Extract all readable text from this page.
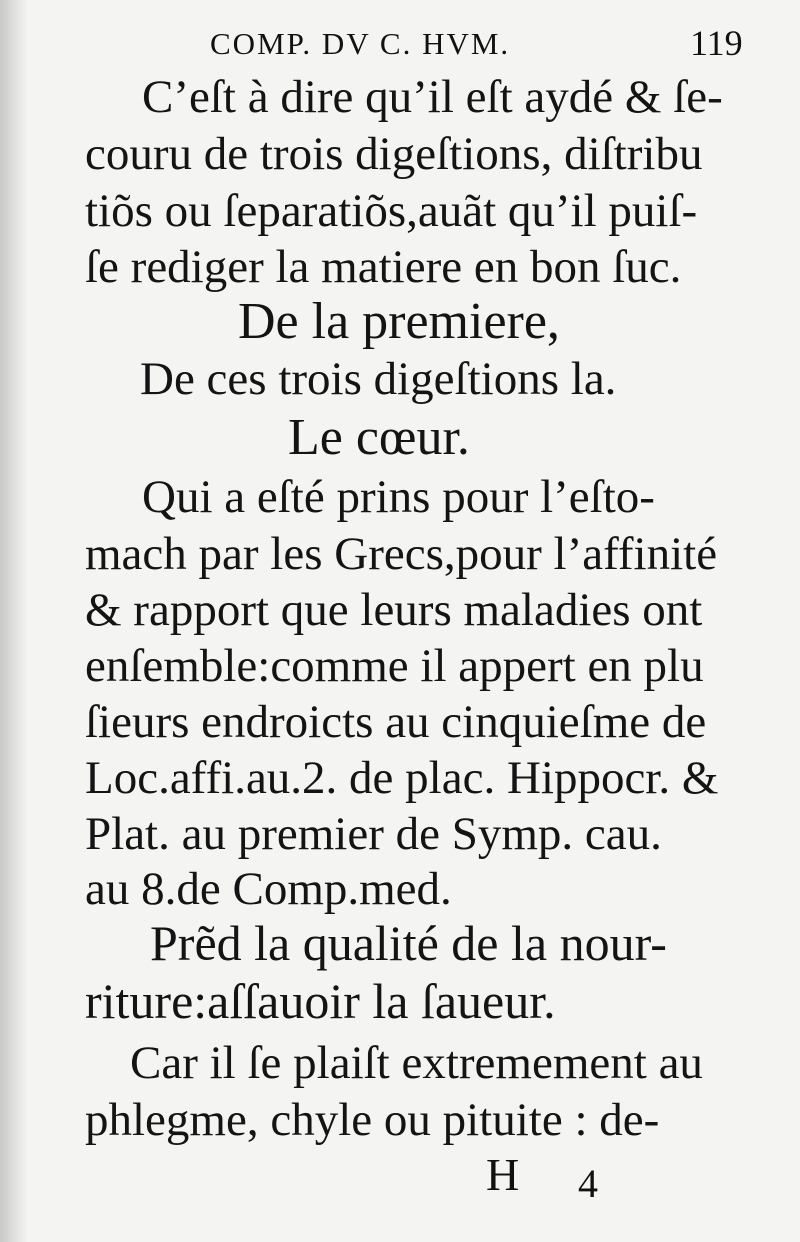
COMP. DV C. HVM.	119
C’eſt à dire qu’il eſt aydé & ſe-
couru de trois digeſtions, diſtribu
tiõs ou ſeparatiõs,auãt qu’il puiſ-
ſe rediger la matiere en bon ſuc.
De la premiere,
De ces trois digeſtions la.
Le cœur.
Qui a eſté prins pour l’eſto-
mach par les Grecs,pour l’affinité
& rapport que leurs maladies ont
enſemble:comme il appert en plu
ſieurs endroicts au cinquieſme de
Loc.affi.au.2. de plac. Hippocr. &
Plat. au premier de Symp. cau.
au 8.de Comp.med.
Prẽd la qualité de la nour-
riture:aſſauoir la ſaueur.
Car il ſe plaiſt extremement au
phlegme, chyle ou pituite : de-
H 4
